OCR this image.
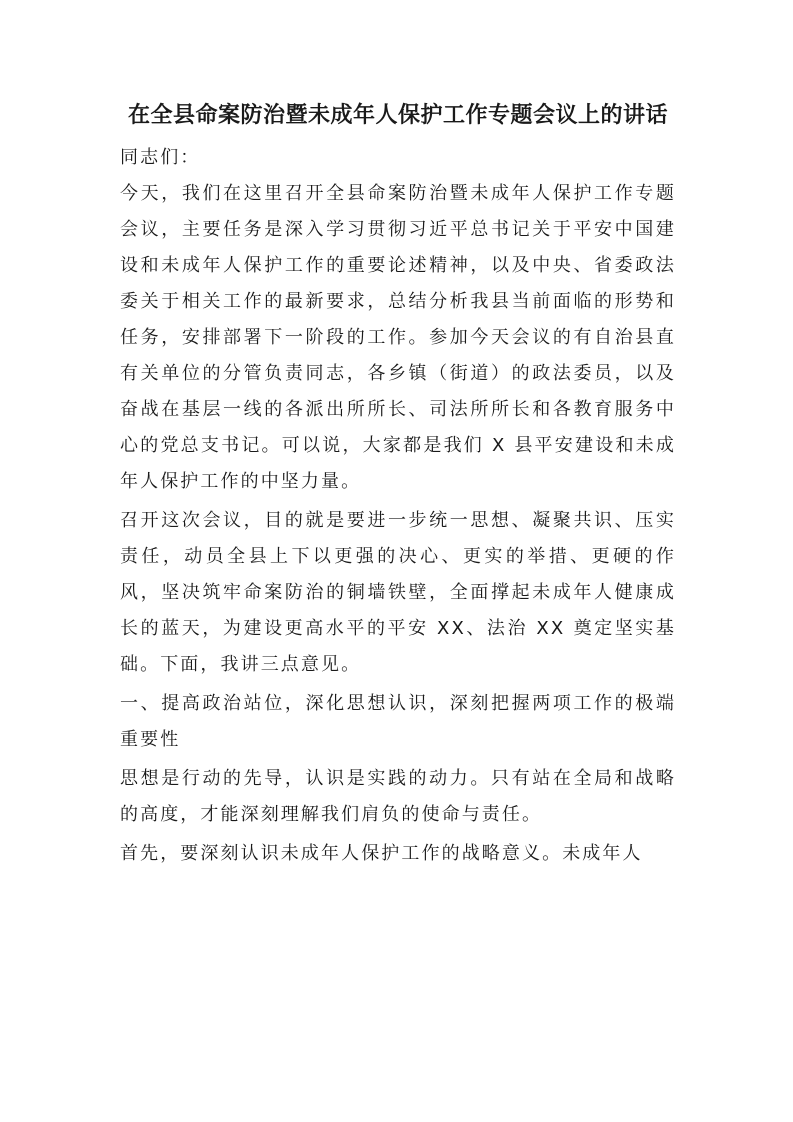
在全县命案防治暨未成年人保护工作专题会议上的讲话

同志们：

今天，我们在这里召开全县命案防治暨未成年人保护工作专题会议，主要任务是深入学习贯彻习近平总书记关于平安中国建设和未成年人保护工作的重要论述精神，以及中央、省委政法委关于相关工作的最新要求，总结分析我县当前面临的形势和任务，安排部署下一阶段的工作。参加今天会议的有自治县直有关单位的分管负责同志，各乡镇（街道）的政法委员，以及奋战在基层一线的各派出所所长、司法所所长和各教育服务中心的党总支书记。可以说，大家都是我们 X 县平安建设和未成年人保护工作的中坚力量。

召开这次会议，目的就是要进一步统一思想、凝聚共识、压实责任，动员全县上下以更强的决心、更实的举措、更硬的作风，坚决筑牢命案防治的铜墙铁壁，全面撑起未成年人健康成长的蓝天，为建设更高水平的平安 XX、法治 XX 奠定坚实基础。下面，我讲三点意见。

一、提高政治站位，深化思想认识，深刻把握两项工作的极端重要性

思想是行动的先导，认识是实践的动力。只有站在全局和战略的高度，才能深刻理解我们肩负的使命与责任。

首先，要深刻认识未成年人保护工作的战略意义。未成年人
